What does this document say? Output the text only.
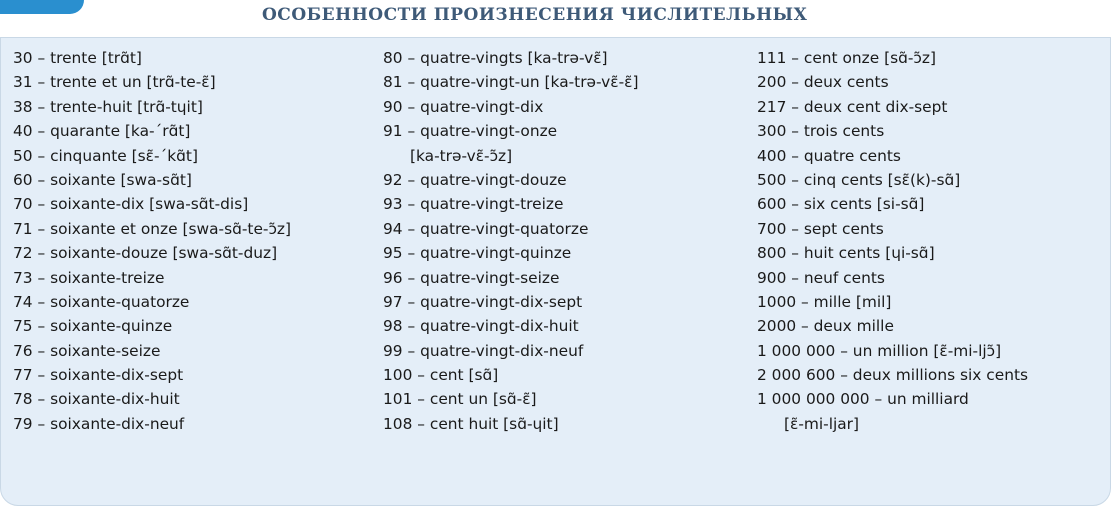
ОСОБЕННОСТИ ПРОИЗНЕСЕНИЯ ЧИСЛИТЕЛЬНЫХ
30 – trente [trɑ̃t]
31 – trente et un [trɑ̃-te-ɛ̃]
38 – trente-huit [trɑ̃-tɥit]
40 – quarante [ka-ˊrɑ̃t]
50 – cinquante [sɛ̃-ˊkɑ̃t]
60 – soixante [swa-sɑ̃t]
70 – soixante-dix [swa-sɑ̃t-dis]
71 – soixante et onze [swa-sɑ̃-te-ɔ̃z]
72 – soixante-douze [swa-sɑ̃t-duz]
73 – soixante-treize
74 – soixante-quatorze
75 – soixante-quinze
76 – soixante-seize
77 – soixante-dix-sept
78 – soixante-dix-huit
79 – soixante-dix-neuf
80 – quatre-vingts [ka-trə-vɛ̃]
81 – quatre-vingt-un [ka-trə-vɛ̃-ɛ̃]
90 – quatre-vingt-dix
91 – quatre-vingt-onze
[ka-trə-vɛ̃-ɔ̃z]
92 – quatre-vingt-douze
93 – quatre-vingt-treize
94 – quatre-vingt-quatorze
95 – quatre-vingt-quinze
96 – quatre-vingt-seize
97 – quatre-vingt-dix-sept
98 – quatre-vingt-dix-huit
99 – quatre-vingt-dix-neuf
100 – cent [sɑ̃]
101 – cent un [sɑ̃-ɛ̃]
108 – cent huit [sɑ̃-ɥit]
111 – cent onze [sɑ̃-ɔ̃z]
200 – deux cents
217 – deux cent dix-sept
300 – trois cents
400 – quatre cents
500 – cinq cents [sɛ̃(k)-sɑ̃]
600 – six cents [si-sɑ̃]
700 – sept cents
800 – huit cents [ɥi-sɑ̃]
900 – neuf cents
1000 – mille [mil]
2000 – deux mille
1 000 000 – un million [ɛ̃-mi-ljɔ̃]
2 000 600 – deux millions six cents
1 000 000 000 – un milliard
[ɛ̃-mi-ljar]
